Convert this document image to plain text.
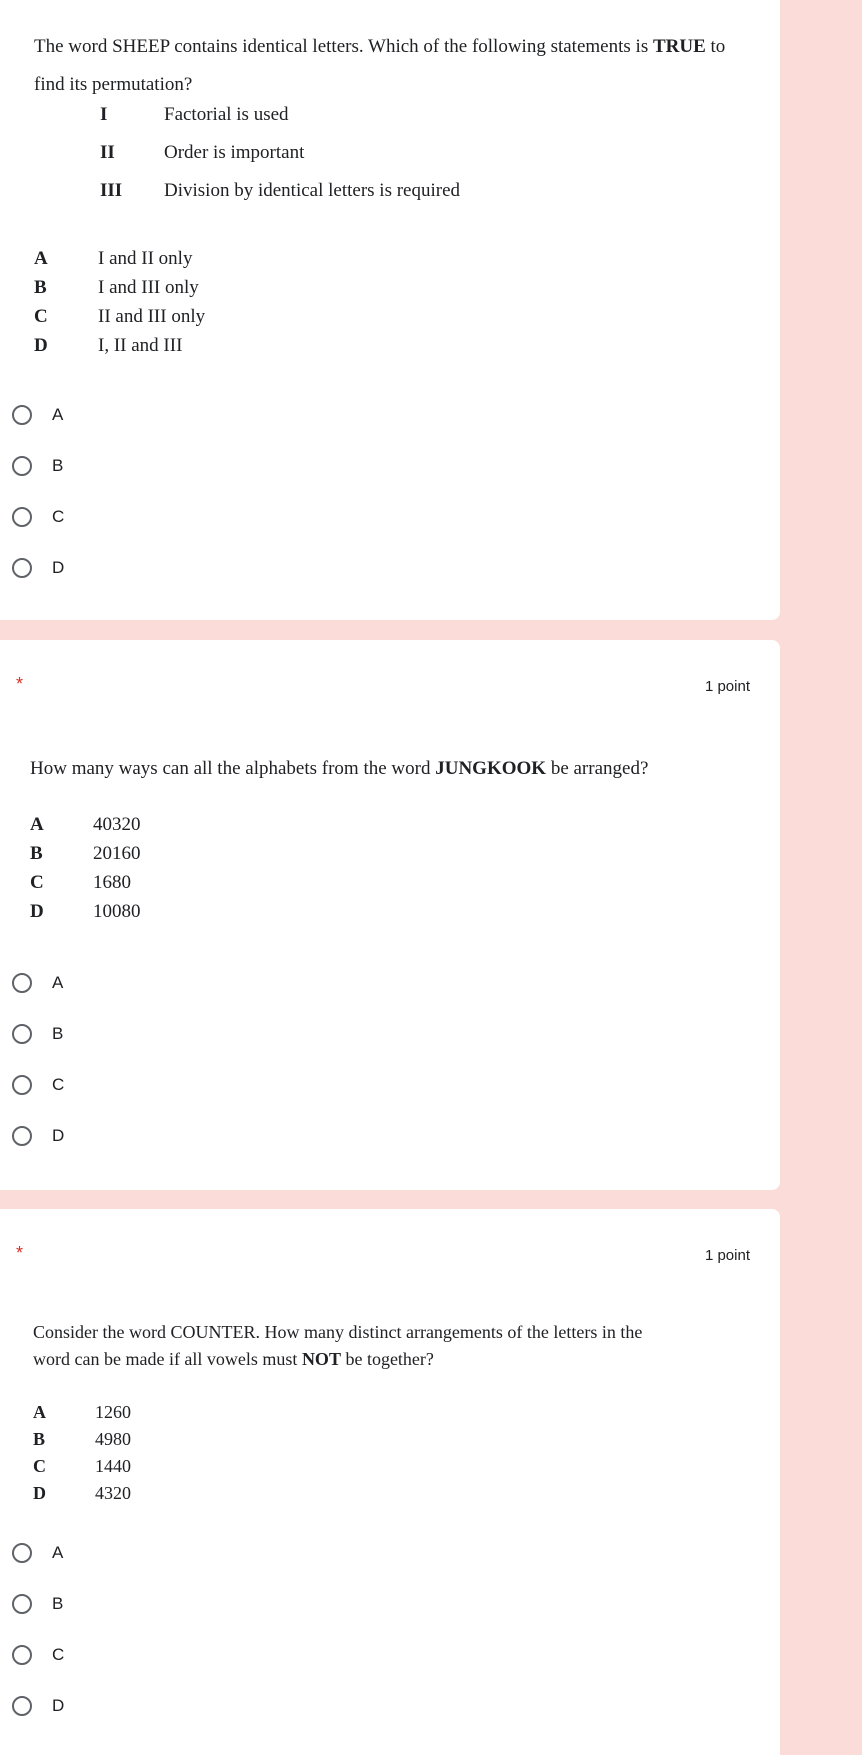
The word SHEEP contains identical letters. Which of the following statements is TRUE to find its permutation?
I	Factorial is used
II	Order is important
III Division by identical letters is required
A	I and II only
B	I and III only
C	II and III only
D	I, II and III
A
B
C
D
*	1 point
How many ways can all the alphabets from the word JUNGKOOK be arranged?
A	40320
B	20160
C	1680
D	10080
A
B
C
D
*	1 point
Consider the word COUNTER. How many distinct arrangements of the letters in the
word can be made if all vowels must NOT be together?
A	1260
B	4980
C	1440
D	4320
A
B
C
D
